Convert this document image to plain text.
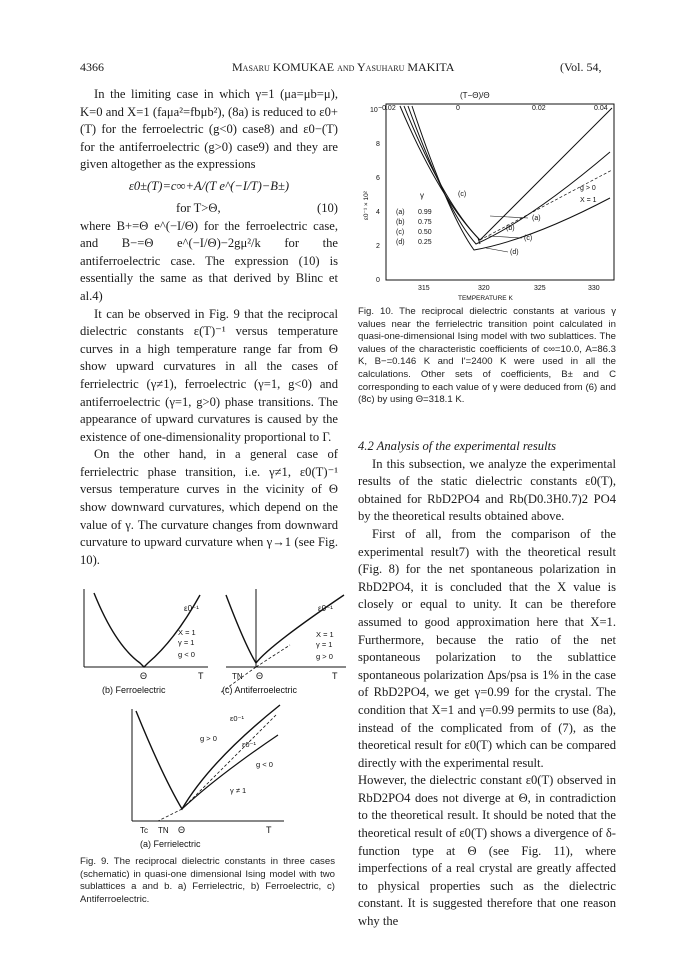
4366	Masaru KOMUKAE and Yasuharu MAKITA	(Vol. 54,

In the limiting case in which γ=1 (μa=μb=μ), K=0 and X=1 (faμa²=fbμb²), (8a) is reduced to ε0+(T) for the ferroelectric (g<0) case8) and ε0−(T) for the antiferroelectric (g>0) case9) and they are given altogether as the expressions

ε0±(T)=c∞+A/(T e^(−I/T)−B±)
for T>Θ,	(10)

where B+=Θ e^(−I/Θ) for the ferroelectric case, and B−=Θ e^(−I/Θ)−2gμ²/k for the antiferroelectric case. The expression (10) is essentially the same as that derived by Blinc et al.4)

It can be observed in Fig. 9 that the reciprocal dielectric constants ε(T)⁻¹ versus temperature curves in a high temperature range far from Θ show upward curvatures in all the cases of ferrielectric (γ≠1), ferroelectric (γ=1, g<0) and antiferroelectric (γ=1, g>0) phase transitions. The appearance of upward curvatures is caused by the existence of one-dimensionality proportional to Γ.

On the other hand, in a general case of ferrielectric phase transition, i.e. γ≠1, ε0(T)⁻¹ versus temperature curves in the vicinity of Θ show downward curvatures, which depend on the value of γ. The curvature changes from downward curvature to upward curvature when γ→1 (see Fig. 10).

ε0⁻¹
X = 1
γ = 1
g < 0
Θ	T
(b) Ferroelectric
ε0⁻¹
X = 1
γ = 1
g > 0
TN Θ	T
(c) Antiferroelectric
ε0⁻¹
ε0⁻¹
g > 0
g < 0
γ ≠ 1
Tc TN Θ	T
(a) Ferrielectric
Fig. 9. The reciprocal dielectric constants in three cases (schematic) in quasi-one dimensional Ising model with two sublattices a and b. a) Ferrielectric, b) Ferroelectric, c) Antiferroelectric.
(T−Θ)/Θ
−0.02	0	0.02	0.04
10
8
6
4
2
0
ε0⁻¹ × 10²
315	320	325	330
TEMPERATURE K
γ
(a) 0.99
(b) 0.75
(c) 0.50
(d) 0.25
g > 0
X = 1
(c)
(a)
(b)
(c)
(d)
Fig. 10. The reciprocal dielectric constants at various γ values near the ferrielectric transition point calculated in quasi-one-dimensional Ising model with two sublattices. The values of the characteristic coefficients of c∞=10.0, A=86.3 K, B−=0.146 K and I'=2400 K were used in all the calculations. Other sets of coefficients, B± and C corresponding to each value of γ were deduced from (6) and (8c) by using Θ=318.1 K.

4.2 Analysis of the experimental results

In this subsection, we analyze the experimental results of the static dielectric constants ε0(T), obtained for RbD2PO4 and Rb(D0.3H0.7)2 PO4 by the theoretical results obtained above.

First of all, from the comparison of the experimental result7) with the theoretical result (Fig. 8) for the net spontaneous polarization in RbD2PO4, it is concluded that the X value is closely or equal to unity. It can be therefore assumed to good approximation here that X=1. Furthermore, because the ratio of the net spontaneous polarization to the sublattice spontaneous polarization Δps/psa is 1% in the case of RbD2PO4, we get γ=0.99 for the crystal. The condition that X=1 and γ=0.99 permits to use (8a), instead of the complicated from of (7), as the theoretical result for ε0(T) which can be compared directly with the experimental result.

However, the dielectric constant ε0(T) observed in RbD2PO4 does not diverge at Θ, in contradiction to the theoretical result. It should be noted that the theoretical result of ε0(T) shows a divergence of δ-function type at Θ (see Fig. 11), where imperfections of a real crystal are greatly affected to physical properties such as the dielectric constant. It is suggested therefore that one reason why the
